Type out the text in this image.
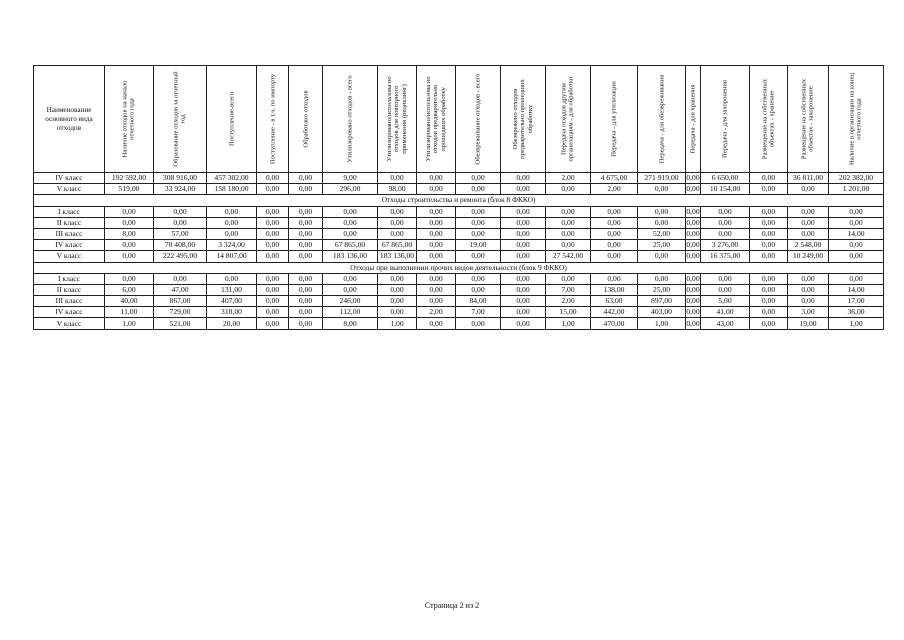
Наименование основного вида отходов	Наличие отходов на начало отчетного года	Образование отходов за отчетный год	Поступление-всего	Поступление - в т.ч. по импорту	Обработано отходов	Утилизировано отходов - всего	Утилизировано/использова но отходов для повторного применения (рециклинг)	Утилизировано/использова но отходов предварительно прошедших обработку	Обезвреживание отходов - всего	Обезврежено отходов предварительно прошедших обработку	Передача отходов другим организациям - для обработки	Передача - для утилизации	Передача - для обезвреживания	Передача - для хранения	Передача - для захоронения	Размещение на собственных объектах - хранение	Размещение на собственных объектах - захоронение	Наличие в организации на конец отчетного года

IV класс	192 592,00	308 916,00	457 302,00	0,00	0,00	9,00	0,00	0,00	0,00	0,00	2,00	4 675,00	271 919,00	0,00	6 650,00	0,00	36 811,00	202 382,00
V класс	519,00	33 924,00	158 180,00	0,00	0,00	296,00	98,00	0,00	0,00	0,00	0,00	2,00	0,00	0,00	10 154,00	0,00	0,00	1 201,00
Отходы строительства и ремонта (блок 8 ФККО)																		
I класс	0,00	0,00	0,00	0,00	0,00	0,00	0,00	0,00	0,00	0,00	0,00	0,00	0,00	0,00	0,00	0,00	0,00	0,00
II класс	0,00	0,00	0,00	0,00	0,00	0,00	0,00	0,00	0,00	0,00	0,00	0,00	0,00	0,00	0,00	0,00	0,00	0,00
III класс	8,00	57,00	0,00	0,00	0,00	0,00	0,00	0,00	0,00	0,00	0,00	0,00	52,00	0,00	0,00	0,00	0,00	14,00
IV класс	0,00	70 408,00	3 324,00	0,00	0,00	67 865,00	67 865,00	0,00	19,00	0,00	0,00	0,00	25,00	0,00	3 276,00	0,00	2 548,00	0,00
V класс	0,00	222 495,00	14 807,00	0,00	0,00	183 136,00	183 136,00	0,00	0,00	0,00	27 542,00	0,00	0,00	0,00	16 375,00	0,00	10 249,00	0,00
Отходы при выполнении прочих видов деятельности (блок 9 ФККО)																		
I класс	0,00	0,00	0,00	0,00	0,00	0,00	0,00	0,00	0,00	0,00	0,00	0,00	0,00	0,00	0,00	0,00	0,00	0,00
II класс	6,00	47,00	131,00	0,00	0,00	0,00	0,00	0,00	0,00	0,00	7,00	138,00	25,00	0,00	0,00	0,00	0,00	14,00
III класс	40,00	867,00	407,00	0,00	0,00	246,00	0,00	0,00	84,00	0,00	2,00	63,00	897,00	0,00	5,00	0,00	0,00	17,00
IV класс	11,00	729,00	318,00	0,00	0,00	112,00	0,00	2,00	7,00	0,00	15,00	442,00	403,00	0,00	41,00	0,00	3,00	36,00
V класс	1,00	521,00	20,00	0,00	0,00	8,00	1,00	0,00	0,00	0,00	1,00	470,00	1,00	0,00	43,00	0,00	19,00	1,00
Страница 2 из 2
